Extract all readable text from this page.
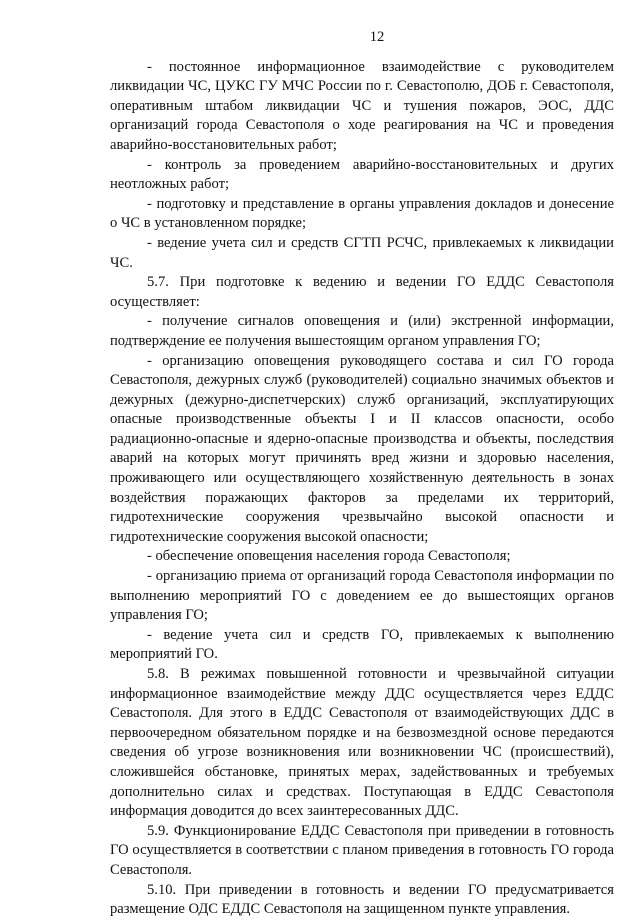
12

- постоянное информационное взаимодействие с руководителем ликвидации ЧС, ЦУКС ГУ МЧС России по г. Севастополю, ДОБ г. Севастополя, оперативным штабом ликвидации ЧС и тушения пожаров, ЭОС, ДДС организаций города Севастополя о ходе реагирования на ЧС и проведения аварийно-восстановительных работ;

- контроль за проведением аварийно-восстановительных и других неотложных работ;

- подготовку и представление в органы управления докладов и донесение о ЧС в установленном порядке;

- ведение учета сил и средств СГТП РСЧС, привлекаемых к ликвидации ЧС.

5.7. При подготовке к ведению и ведении ГО ЕДДС Севастополя осуществляет:

- получение сигналов оповещения и (или) экстренной информации, подтверждение ее получения вышестоящим органом управления ГО;

- организацию оповещения руководящего состава и сил ГО города Севастополя, дежурных служб (руководителей) социально значимых объектов и дежурных (дежурно-диспетчерских) служб организаций, эксплуатирующих опасные производственные объекты I и II классов опасности, особо радиационно-опасные и ядерно-опасные производства и объекты, последствия аварий на которых могут причинять вред жизни и здоровью населения, проживающего или осуществляющего хозяйственную деятельность в зонах воздействия поражающих факторов за пределами их территорий, гидротехнические сооружения чрезвычайно высокой опасности и гидротехнические сооружения высокой опасности;

- обеспечение оповещения населения города Севастополя;

- организацию приема от организаций города Севастополя информации по выполнению мероприятий ГО с доведением ее до вышестоящих органов управления ГО;

- ведение учета сил и средств ГО, привлекаемых к выполнению мероприятий ГО.

5.8. В режимах повышенной готовности и чрезвычайной ситуации информационное взаимодействие между ДДС осуществляется через ЕДДС Севастополя. Для этого в ЕДДС Севастополя от взаимодействующих ДДС в первоочередном обязательном порядке и на безвозмездной основе передаются сведения об угрозе возникновения или возникновении ЧС (происшествий), сложившейся обстановке, принятых мерах, задействованных и требуемых дополнительно силах и средствах. Поступающая в ЕДДС Севастополя информация доводится до всех заинтересованных ДДС.

5.9. Функционирование ЕДДС Севастополя при приведении в готовность ГО осуществляется в соответствии с планом приведения в готовность ГО города Севастополя.

5.10. При приведении в готовность и ведении ГО предусматривается размещение ОДС ЕДДС Севастополя на защищенном пункте управления.
